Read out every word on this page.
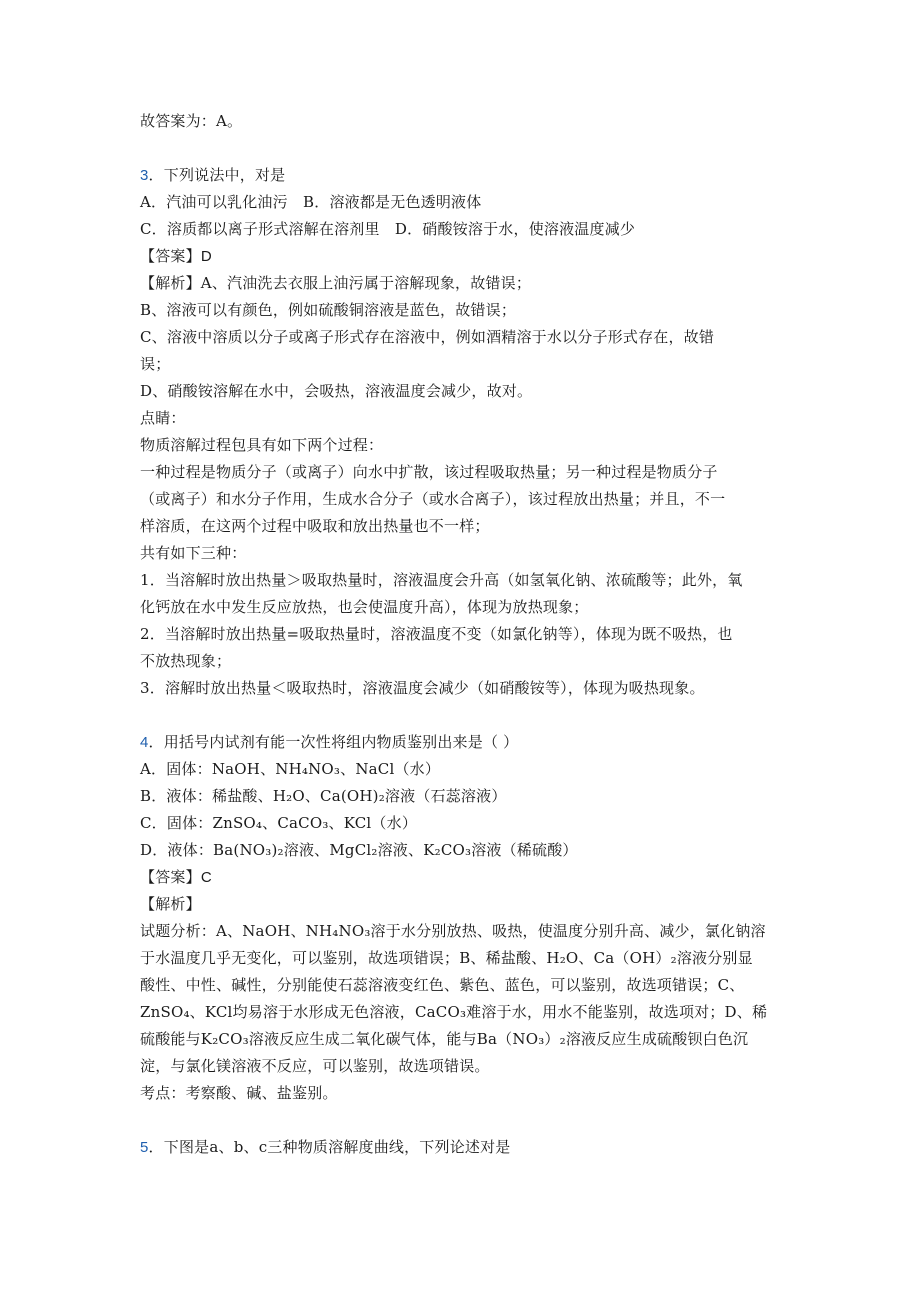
故答案为：A。
3．下列说法中，对是
A．汽油可以乳化油污　B．溶液都是无色透明液体
C．溶质都以离子形式溶解在溶剂里　D．硝酸铵溶于水，使溶液温度减少
【答案】D
【解析】A、汽油洗去衣服上油污属于溶解现象，故错误；
B、溶液可以有颜色，例如硫酸铜溶液是蓝色，故错误；
C、溶液中溶质以分子或离子形式存在溶液中，例如酒精溶于水以分子形式存在，故错
误；
D、硝酸铵溶解在水中，会吸热，溶液温度会减少，故对。
点睛：
物质溶解过程包具有如下两个过程：
一种过程是物质分子（或离子）向水中扩散，该过程吸取热量；另一种过程是物质分子
（或离子）和水分子作用，生成水合分子（或水合离子），该过程放出热量；并且，不一
样溶质，在这两个过程中吸取和放出热量也不一样；
共有如下三种：
1．当溶解时放出热量＞吸取热量时，溶液温度会升高（如氢氧化钠、浓硫酸等；此外，氧
化钙放在水中发生反应放热，也会使温度升高），体现为放热现象；
2．当溶解时放出热量=吸取热量时，溶液温度不变（如氯化钠等），体现为既不吸热，也
不放热现象；
3．溶解时放出热量＜吸取热时，溶液温度会减少（如硝酸铵等），体现为吸热现象。
4．用括号内试剂有能一次性将组内物质鉴别出来是（ ）
A．固体：NaOH、NH₄NO₃、NaCl（水）
B．液体：稀盐酸、H₂O、Ca(OH)₂溶液（石蕊溶液）
C．固体：ZnSO₄、CaCO₃、KCl（水）
D．液体：Ba(NO₃)₂溶液、MgCl₂溶液、K₂CO₃溶液（稀硫酸）
【答案】C
【解析】
试题分析：A、NaOH、NH₄NO₃溶于水分别放热、吸热，使温度分别升高、减少，氯化钠溶
于水温度几乎无变化，可以鉴别，故选项错误；B、稀盐酸、H₂O、Ca（OH）₂溶液分别显
酸性、中性、碱性，分别能使石蕊溶液变红色、紫色、蓝色，可以鉴别，故选项错误；C、
ZnSO₄、KCl均易溶于水形成无色溶液，CaCO₃难溶于水，用水不能鉴别，故选项对；D、稀
硫酸能与K₂CO₃溶液反应生成二氧化碳气体，能与Ba（NO₃）₂溶液反应生成硫酸钡白色沉
淀，与氯化镁溶液不反应，可以鉴别，故选项错误。
考点：考察酸、碱、盐鉴别。
5．下图是a、b、c三种物质溶解度曲线，下列论述对是
